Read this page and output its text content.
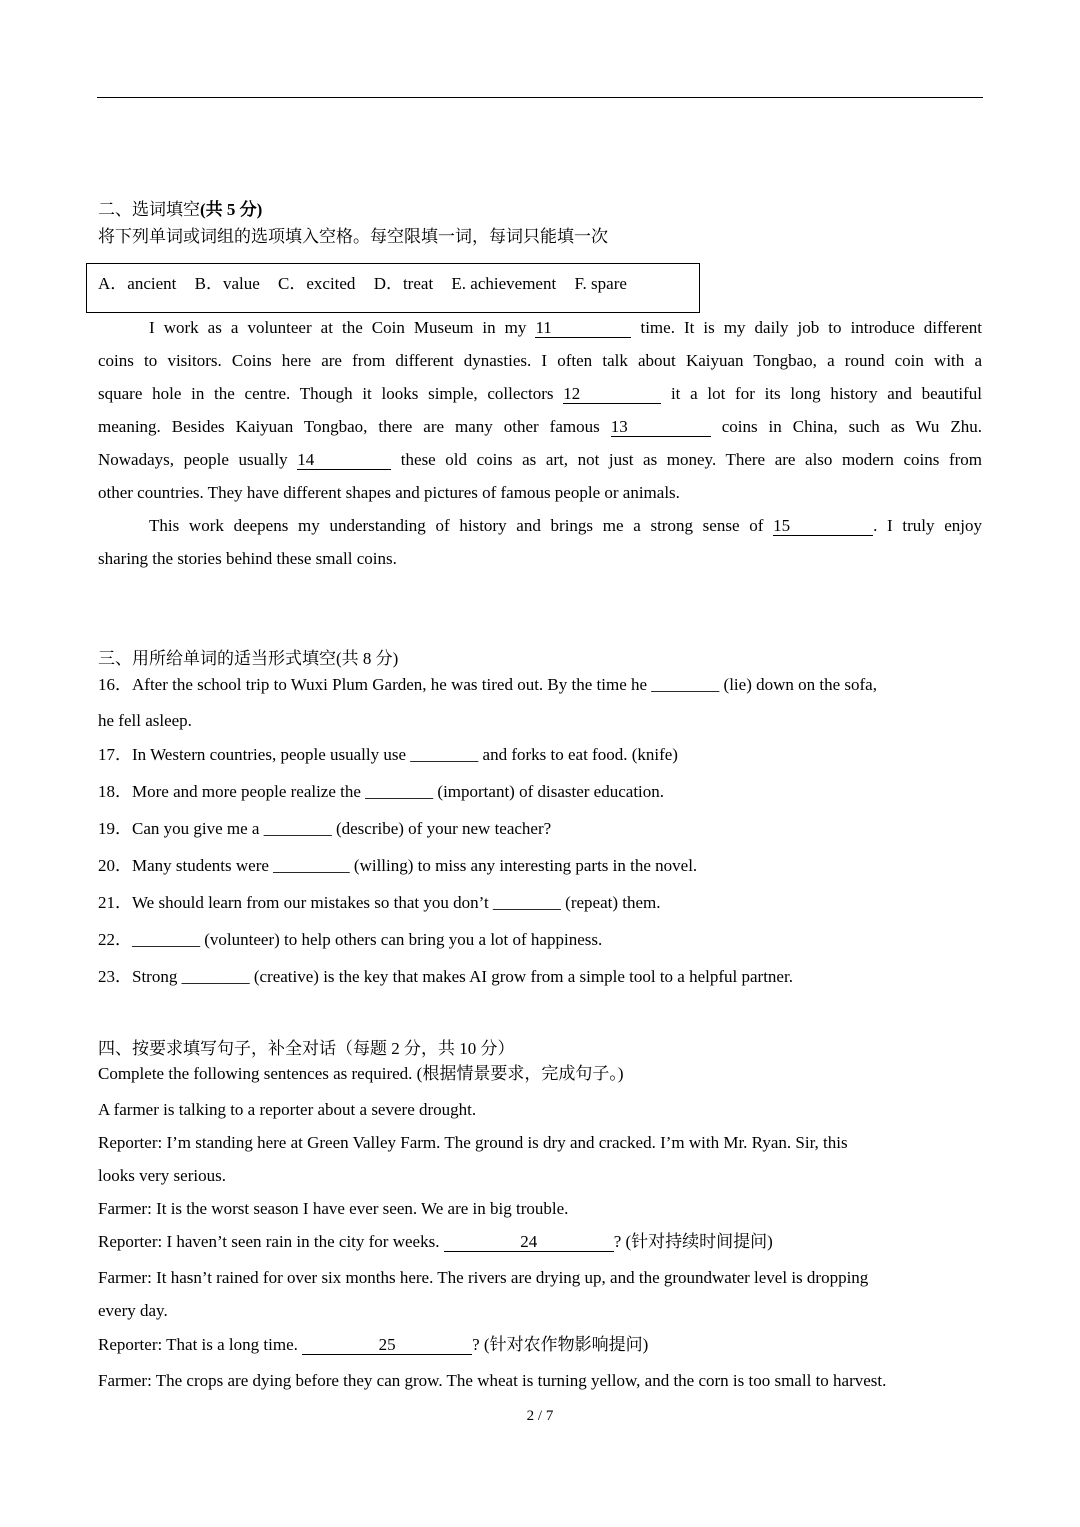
二、选词填空(共 5 分)
将下列单词或词组的选项填入空格。每空限填一词，每词只能填一次
A．ancient B．value C．excited D．treat E. achievement F. spare
I work as a volunteer at the Coin Museum in my 11	time. It is my daily job to introduce different
coins to visitors. Coins here are from different dynasties. I often talk about Kaiyuan Tongbao, a round coin with a
square hole in the centre. Though it looks simple, collectors 12	it a lot for its long history and beautiful
meaning. Besides Kaiyuan Tongbao, there are many other famous 13	coins in China, such as Wu Zhu.
Nowadays, people usually 14	these old coins as art, not just as money. There are also modern coins from
other countries. They have different shapes and pictures of famous people or animals.
This work deepens my understanding of history and brings me a strong sense of 15	. I truly enjoy
sharing the stories behind these small coins.
三、用所给单词的适当形式填空(共 8 分)
16．After the school trip to Wuxi Plum Garden, he was tired out. By the time he ________ (lie) down on the sofa,
he fell asleep.
17．In Western countries, people usually use ________ and forks to eat food. (knife)
18．More and more people realize the ________ (important) of disaster education.
19．Can you give me a ________ (describe) of your new teacher?
20．Many students were _________ (willing) to miss any interesting parts in the novel.
21．We should learn from our mistakes so that you don’t ________ (repeat) them.
22．________ (volunteer) to help others can bring you a lot of happiness.
23．Strong ________ (creative) is the key that makes AI grow from a simple tool to a helpful partner.
四、按要求填写句子，补全对话（每题 2 分，共 10 分）
Complete the following sentences as required. (根据情景要求，完成句子。)
A farmer is talking to a reporter about a severe drought.
Reporter: I’m standing here at Green Valley Farm. The ground is dry and cracked. I’m with Mr. Ryan. Sir, this
looks very serious.
Farmer: It is the worst season I have ever seen. We are in big trouble.
Reporter: I haven’t seen rain in the city for weeks.	24	? (针对持续时间提问)
Farmer: It hasn’t rained for over six months here. The rivers are drying up, and the groundwater level is dropping
every day.
Reporter: That is a long time.	25	? (针对农作物影响提问)
Farmer: The crops are dying before they can grow. The wheat is turning yellow, and the corn is too small to harvest.
2 / 7
